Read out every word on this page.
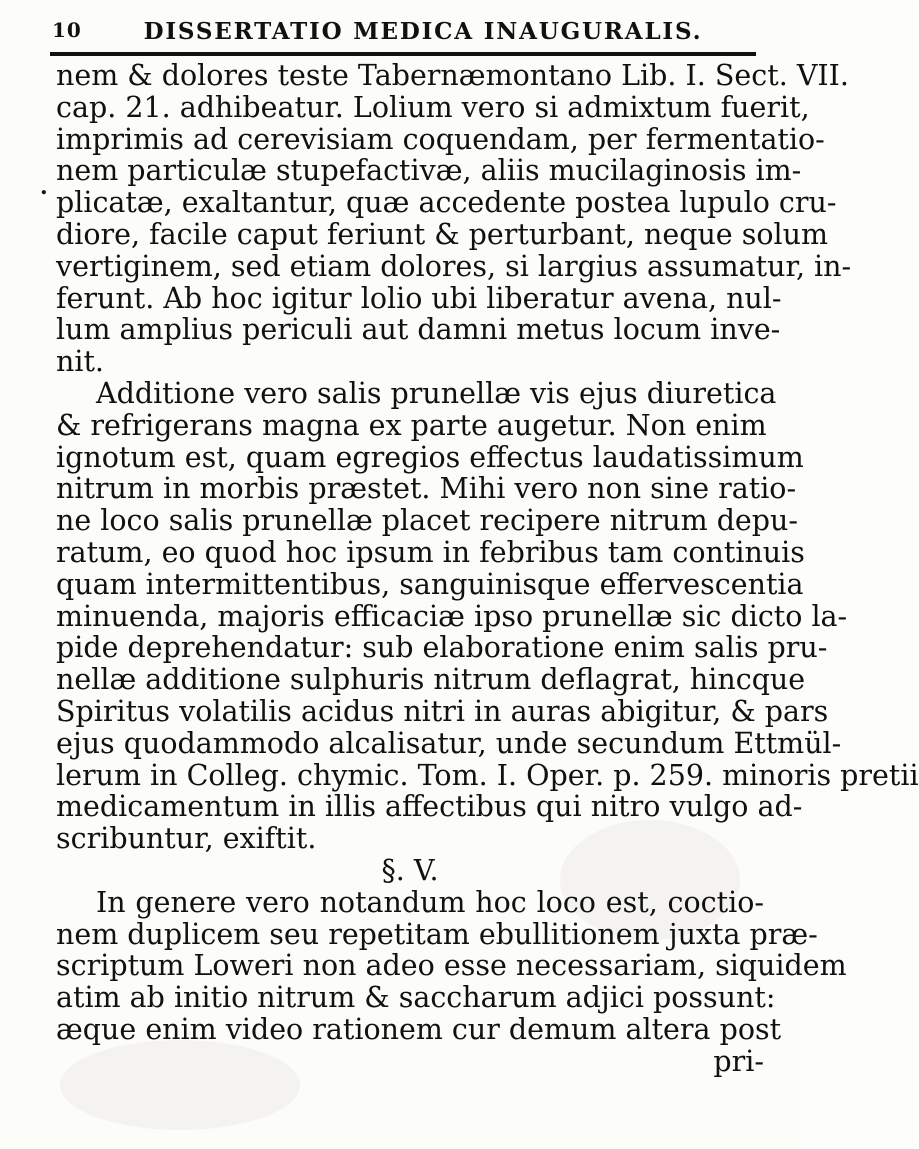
10	DISSERTATIO MEDICA INAUGURALIS.
.
nem & dolores teste Tabernæmontano Lib. I. Sect. VII.
cap. 21. adhibeatur. Lolium vero si admixtum fuerit,
imprimis ad cerevisiam coquendam, per fermentatio-
nem particulæ stupefactivæ, aliis mucilaginosis im-
plicatæ, exaltantur, quæ accedente postea lupulo cru-
diore, facile caput feriunt & perturbant, neque solum
vertiginem, sed etiam dolores, si largius assumatur, in-
ferunt. Ab hoc igitur lolio ubi liberatur avena, nul-
lum amplius periculi aut damni metus locum inve-
nit.
Additione vero salis prunellæ vis ejus diuretica
& refrigerans magna ex parte augetur. Non enim
ignotum est, quam egregios effectus laudatissimum
nitrum in morbis præstet. Mihi vero non sine ratio-
ne loco salis prunellæ placet recipere nitrum depu-
ratum, eo quod hoc ipsum in febribus tam continuis
quam intermittentibus, sanguinisque effervescentia
minuenda, majoris efficaciæ ipso prunellæ sic dicto la-
pide deprehendatur: sub elaboratione enim salis pru-
nellæ additione sulphuris nitrum deflagrat, hincque
Spiritus volatilis acidus nitri in auras abigitur, & pars
ejus quodammodo alcalisatur, unde secundum Ettmül-
lerum in Colleg. chymic. Tom. I. Oper. p. 259. minoris pretii
medicamentum in illis affectibus qui nitro vulgo ad-
scribuntur, exiftit.
§. V.
In genere vero notandum hoc loco est, coctio-
nem duplicem seu repetitam ebullitionem juxta præ-
scriptum Loweri non adeo esse necessariam, siquidem
atim ab initio nitrum & saccharum adjici possunt:
æque enim video rationem cur demum altera post
pri-
